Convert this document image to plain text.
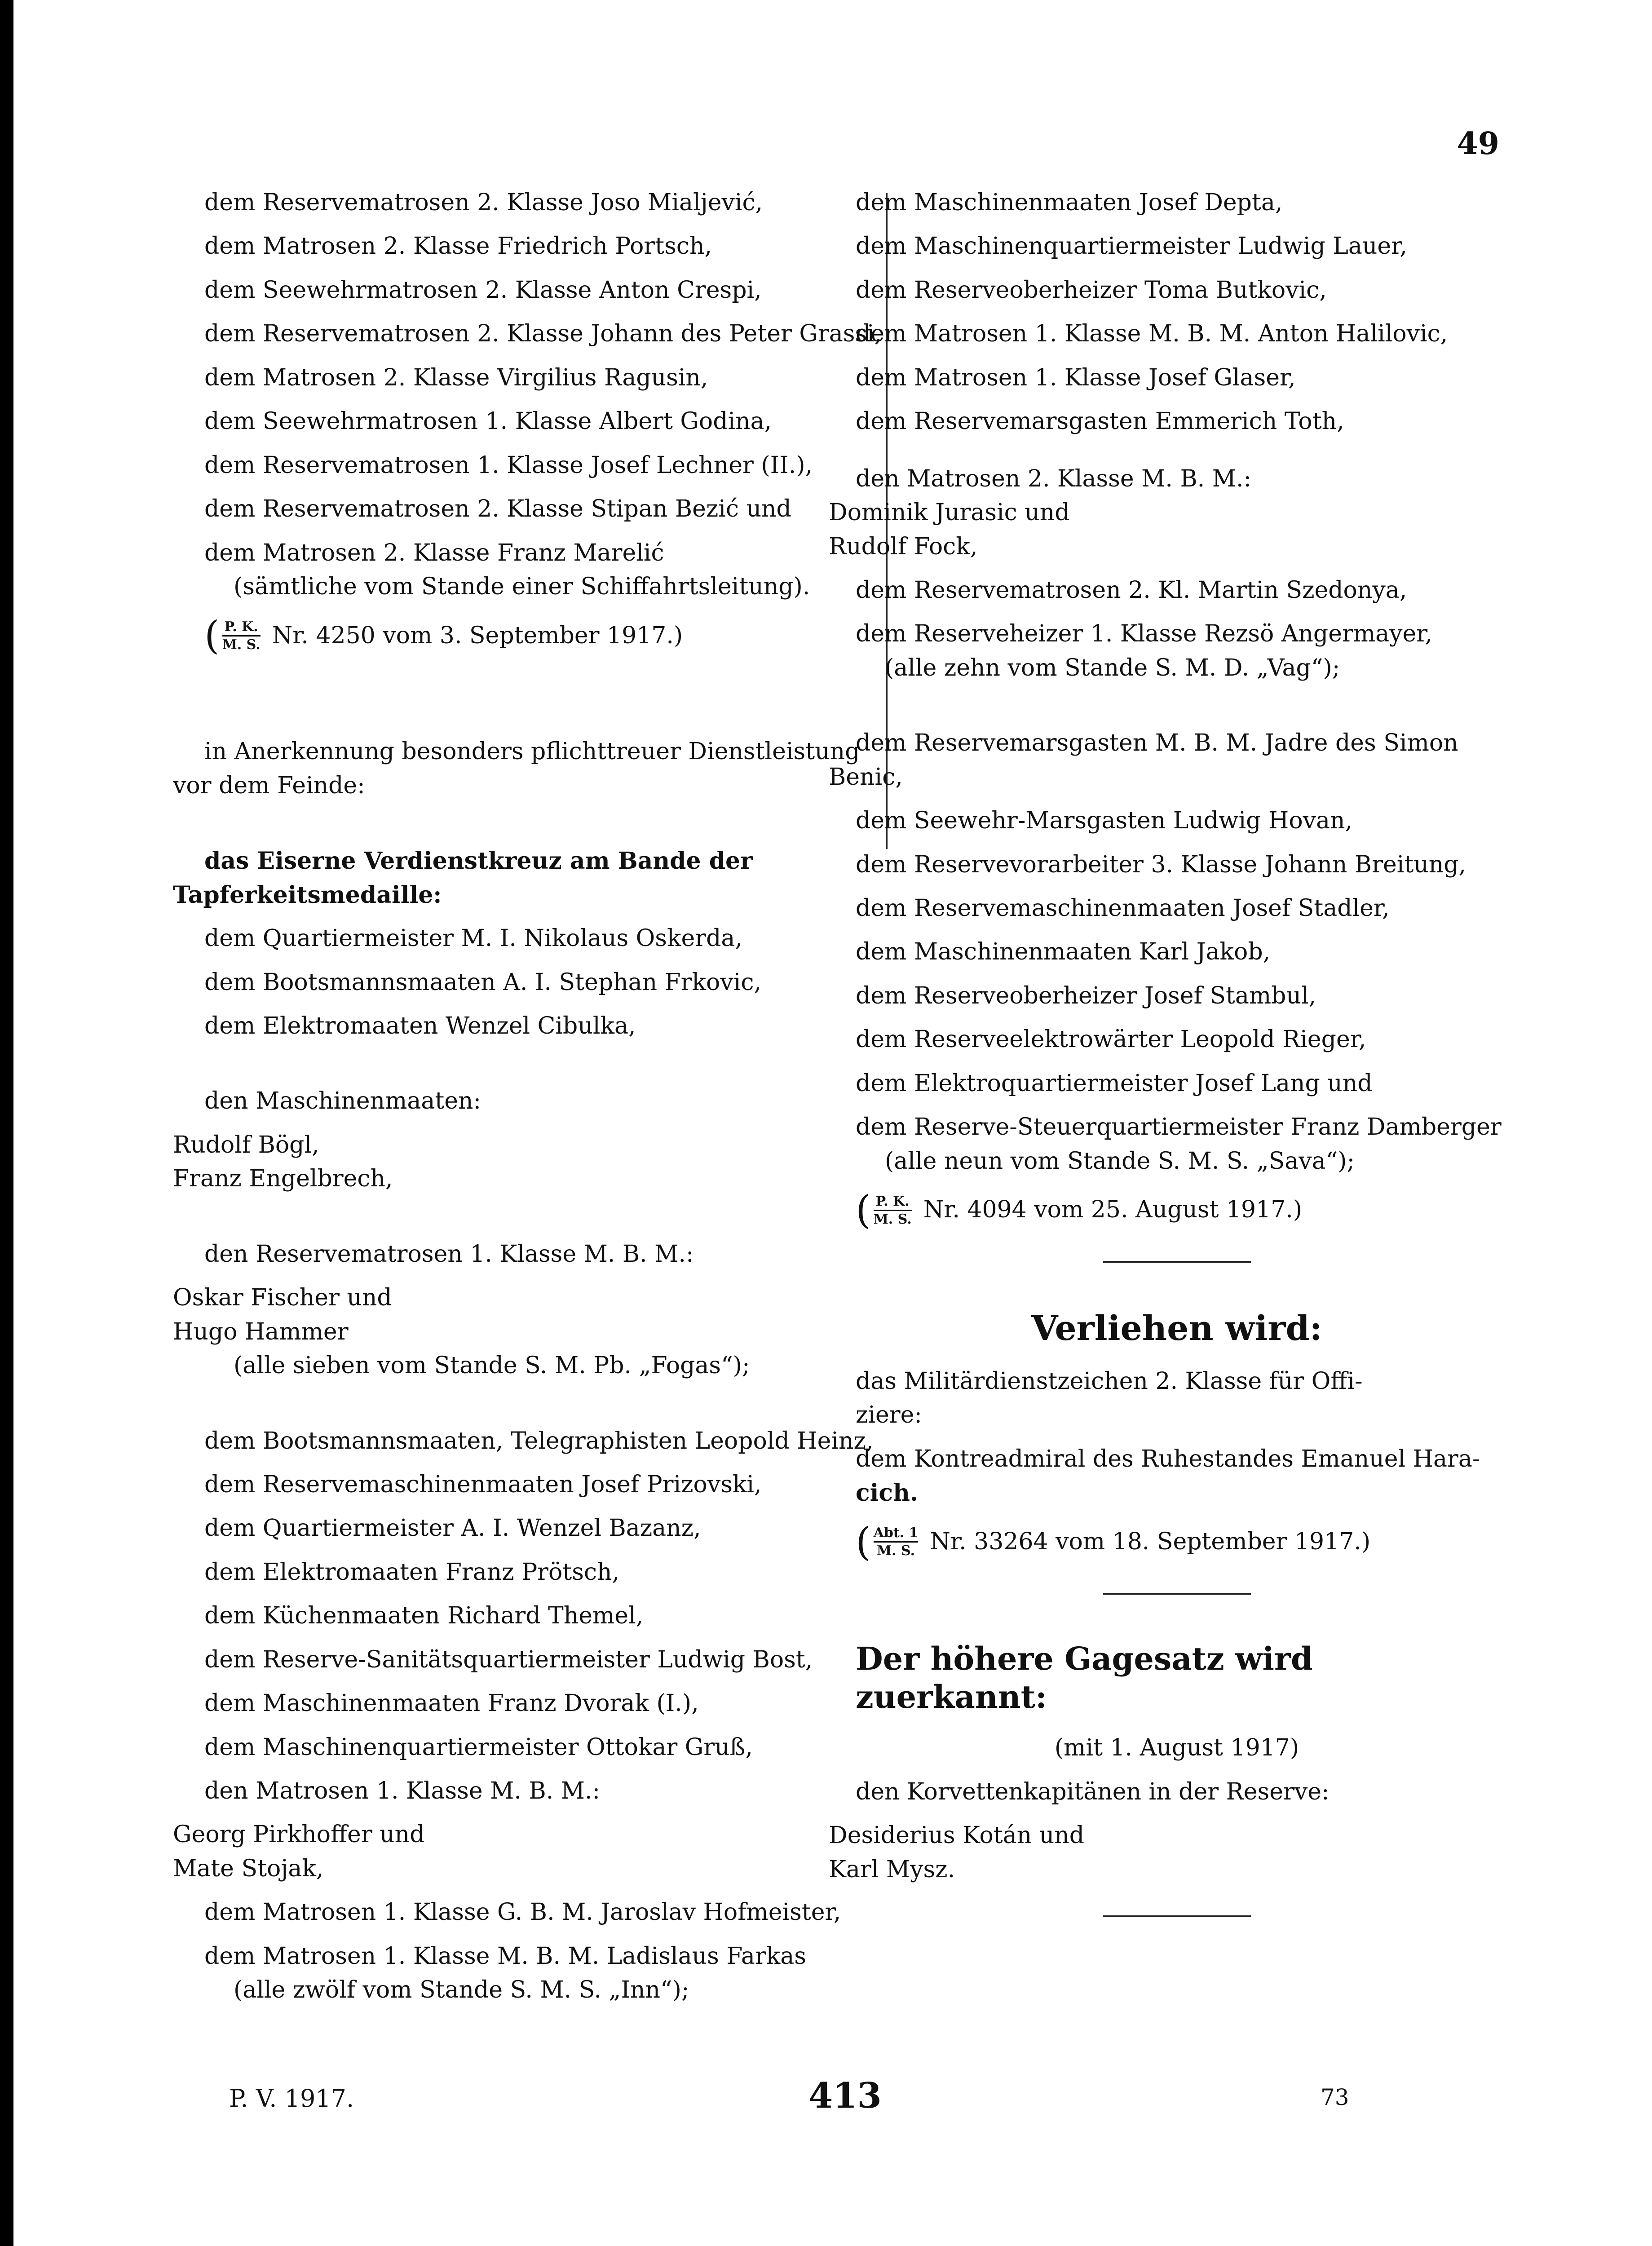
49
dem Reservematrosen 2. Klasse Joso Mialjević,
dem Matrosen 2. Klasse Friedrich Portsch,
dem Seewehrmatrosen 2. Klasse Anton Crespi,
dem Reservematrosen 2. Klasse Johann des Peter Grassi,
dem Matrosen 2. Klasse Virgilius Ragusin,
dem Seewehrmatrosen 1. Klasse Albert Godina,
dem Reservematrosen 1. Klasse Josef Lechner (II.),
dem Reservematrosen 2. Klasse Stipan Bezić und
dem Matrosen 2. Klasse Franz Marelić
(sämtliche vom Stande einer Schiffahrtsleitung).
( $\frac{P. K.}{M. S.} Nr$. 4250 vom 3. September 1917.)
in Anerkennung besonders pflichttreuer Dienstleistung
vor dem Feinde:
das Eiserne Verdienstkreuz am Bande der
Tapferkeitsmedaille:
dem Quartiermeister M. I. Nikolaus Oskerda,
dem Bootsmannsmaaten A. I. Stephan Frkovic,
dem Elektromaaten Wenzel Cibulka,
den Maschinenmaaten:
Rudolf Bögl,
Franz Engelbrech,
den Reservematrosen 1. Klasse M. B. M.:
Oskar Fischer und
Hugo Hammer
(alle sieben vom Stande S. M. Pb. „Fogas“);
dem Bootsmannsmaaten, Telegraphisten Leopold Heinz,
dem Reservemaschinenmaaten Josef Prizovski,
dem Quartiermeister A. I. Wenzel Bazanz,
dem Elektromaaten Franz Prötsch,
dem Küchenmaaten Richard Themel,
dem Reserve-Sanitätsquartiermeister Ludwig Bost,
dem Maschinenmaaten Franz Dvorak (I.),
dem Maschinenquartiermeister Ottokar Gruß,
den Matrosen 1. Klasse M. B. M.:
Georg Pirkhoffer und
Mate Stojak,
dem Matrosen 1. Klasse G. B. M. Jaroslav Hofmeister,
dem Matrosen 1. Klasse M. B. M. Ladislaus Farkas
(alle zwölf vom Stande S. M. S. „Inn“);
dem Maschinenmaaten Josef Depta,
dem Maschinenquartiermeister Ludwig Lauer,
dem Reserveoberheizer Toma Butkovic,
dem Matrosen 1. Klasse M. B. M. Anton Halilovic,
dem Matrosen 1. Klasse Josef Glaser,
dem Reservemarsgasten Emmerich Toth,
den Matrosen 2. Klasse M. B. M.:
Dominik Jurasic und
Rudolf Fock,
dem Reservematrosen 2. Kl. Martin Szedonya,
dem Reserveheizer 1. Klasse Rezsö Angermayer,
(alle zehn vom Stande S. M. D. „Vag“);
dem Reservemarsgasten M. B. M. Jadre des Simon
Benic,
dem Seewehr-Marsgasten Ludwig Hovan,
dem Reservevorarbeiter 3. Klasse Johann Breitung,
dem Reservemaschinenmaaten Josef Stadler,
dem Maschinenmaaten Karl Jakob,
dem Reserveoberheizer Josef Stambul,
dem Reserveelektrowärter Leopold Rieger,
dem Elektroquartiermeister Josef Lang und
dem Reserve-Steuerquartiermeister Franz Damberger
(alle neun vom Stande S. M. S. „Sava“);
( $\frac{P. K.}{M. S.} Nr$. 4094 vom 25. August 1917.)
Verliehen wird:
das Militärdienstzeichen 2. Klasse für Offi-
ziere:
dem Kontreadmiral des Ruhestandes Emanuel Hara-
cich.
( $\frac{\text{Abt. 1}}{M. S.} Nr$. 33264 vom 18. September 1917.)
Der höhere Gagesatz wird zuerkannt:
(mit 1. August 1917)
den Korvettenkapitänen in der Reserve:
Desiderius Kotán und
Karl Mysz.
P. V. 1917.	413	73
